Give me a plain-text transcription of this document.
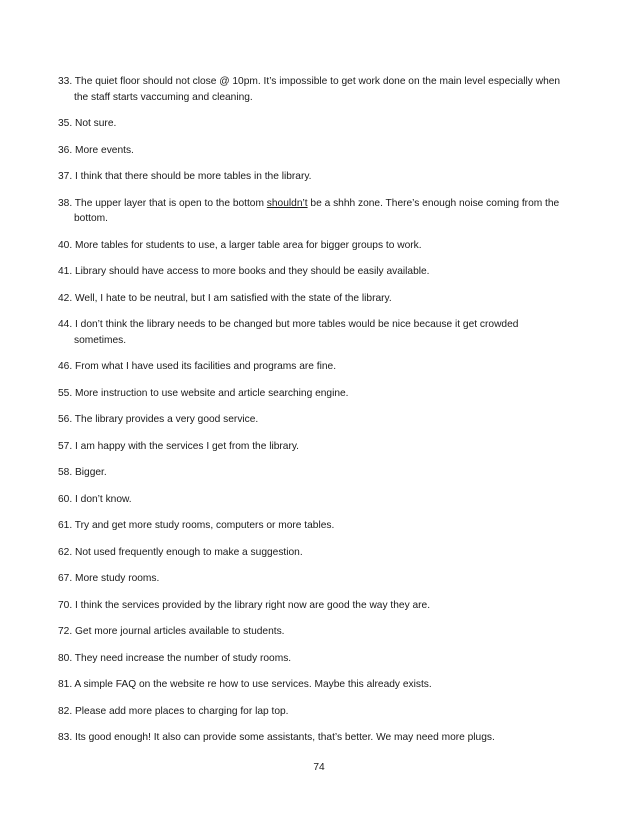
33. The quiet floor should not close @ 10pm. It’s impossible to get work done on the main level especially when the staff starts vaccuming and cleaning.

35. Not sure.

36. More events.

37. I think that there should be more tables in the library.

38. The upper layer that is open to the bottom shouldn’t be a shhh zone. There’s enough noise coming from the bottom.

40. More tables for students to use, a larger table area for bigger groups to work.

41. Library should have access to more books and they should be easily available.

42. Well, I hate to be neutral, but I am satisfied with the state of the library.

44. I don’t think the library needs to be changed but more tables would be nice because it get crowded sometimes.

46. From what I have used its facilities and programs are fine.

55. More instruction to use website and article searching engine.

56. The library provides a very good service.

57. I am happy with the services I get from the library.

58. Bigger.

60. I don’t know.

61. Try and get more study rooms, computers or more tables.

62. Not used frequently enough to make a suggestion.

67. More study rooms.

70. I think the services provided by the library right now are good the way they are.

72. Get more journal articles available to students.

80. They need increase the number of study rooms.

81. A simple FAQ on the website re how to use services. Maybe this already exists.

82. Please add more places to charging for lap top.

83. Its good enough! It also can provide some assistants, that’s better. We may need more plugs.

74
